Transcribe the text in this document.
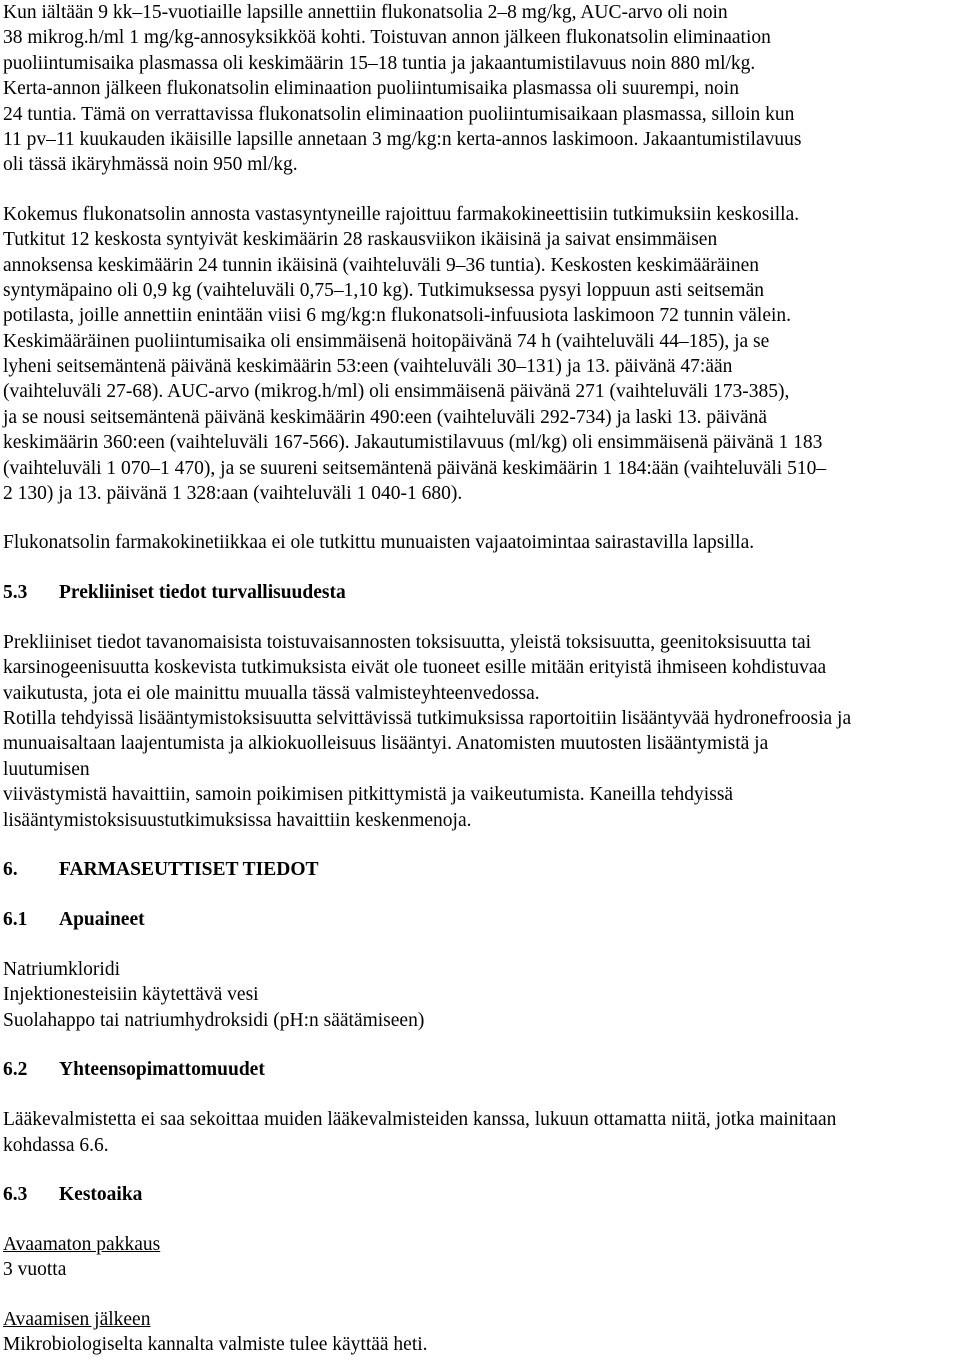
Kun iältään 9 kk–15-vuotiaille lapsille annettiin flukonatsolia 2–8 mg/kg, AUC-arvo oli noin
38 mikrog.h/ml 1 mg/kg-annosyksikköä kohti. Toistuvan annon jälkeen flukonatsolin eliminaation
puoliintumisaika plasmassa oli keskimäärin 15–18 tuntia ja jakaantumistilavuus noin 880 ml/kg.
Kerta-annon jälkeen flukonatsolin eliminaation puoliintumisaika plasmassa oli suurempi, noin
24 tuntia. Tämä on verrattavissa flukonatsolin eliminaation puoliintumisaikaan plasmassa, silloin kun
11 pv–11 kuukauden ikäisille lapsille annetaan 3 mg/kg:n kerta-annos laskimoon. Jakaantumistilavuus
oli tässä ikäryhmässä noin 950 ml/kg.
Kokemus flukonatsolin annosta vastasyntyneille rajoittuu farmakokineettisiin tutkimuksiin keskosilla.
Tutkitut 12 keskosta syntyivät keskimäärin 28 raskausviikon ikäisinä ja saivat ensimmäisen
annoksensa keskimäärin 24 tunnin ikäisinä (vaihteluväli 9–36 tuntia). Keskosten keskimääräinen
syntymäpaino oli 0,9 kg (vaihteluväli 0,75–1,10 kg). Tutkimuksessa pysyi loppuun asti seitsemän
potilasta, joille annettiin enintään viisi 6 mg/kg:n flukonatsoli-infuusiota laskimoon 72 tunnin välein.
Keskimääräinen puoliintumisaika oli ensimmäisenä hoitopäivänä 74 h (vaihteluväli 44–185), ja se
lyheni seitsemäntenä päivänä keskimäärin 53:een (vaihteluväli 30–131) ja 13. päivänä 47:ään
(vaihteluväli 27-68). AUC-arvo (mikrog.h/ml) oli ensimmäisenä päivänä 271 (vaihteluväli 173-385),
ja se nousi seitsemäntenä päivänä keskimäärin 490:een (vaihteluväli 292-734) ja laski 13. päivänä
keskimäärin 360:een (vaihteluväli 167-566). Jakautumistilavuus (ml/kg) oli ensimmäisenä päivänä 1 183
(vaihteluväli 1 070–1 470), ja se suureni seitsemäntenä päivänä keskimäärin 1 184:ään (vaihteluväli 510–
2 130) ja 13. päivänä 1 328:aan (vaihteluväli 1 040-1 680).
Flukonatsolin farmakokinetiikkaa ei ole tutkittu munuaisten vajaatoimintaa sairastavilla lapsilla.
5.3 Prekliiniset tiedot turvallisuudesta
Prekliiniset tiedot tavanomaisista toistuvaisannosten toksisuutta, yleistä toksisuutta, geenitoksisuutta tai
karsinogeenisuutta koskevista tutkimuksista eivät ole tuoneet esille mitään erityistä ihmiseen kohdistuvaa
vaikutusta, jota ei ole mainittu muualla tässä valmisteyhteenvedossa.
Rotilla tehdyissä lisääntymistoksisuutta selvittävissä tutkimuksissa raportoitiin lisääntyvää hydronefroosia ja
munuaisaltaan laajentumista ja alkiokuolleisuus lisääntyi. Anatomisten muutosten lisääntymistä ja
luutumisen
viivästymistä havaittiin, samoin poikimisen pitkittymistä ja vaikeutumista. Kaneilla tehdyissä
lisääntymistoksisuustutkimuksissa havaittiin keskenmenoja.
6. FARMASEUTTISET TIEDOT
6.1 Apuaineet
Natriumkloridi
Injektionesteisiin käytettävä vesi
Suolahappo tai natriumhydroksidi (pH:n säätämiseen)
6.2 Yhteensopimattomuudet
Lääkevalmistetta ei saa sekoittaa muiden lääkevalmisteiden kanssa, lukuun ottamatta niitä, jotka mainitaan
kohdassa 6.6.
6.3 Kestoaika
Avaamaton pakkaus
3 vuotta
Avaamisen jälkeen
Mikrobiologiselta kannalta valmiste tulee käyttää heti.
